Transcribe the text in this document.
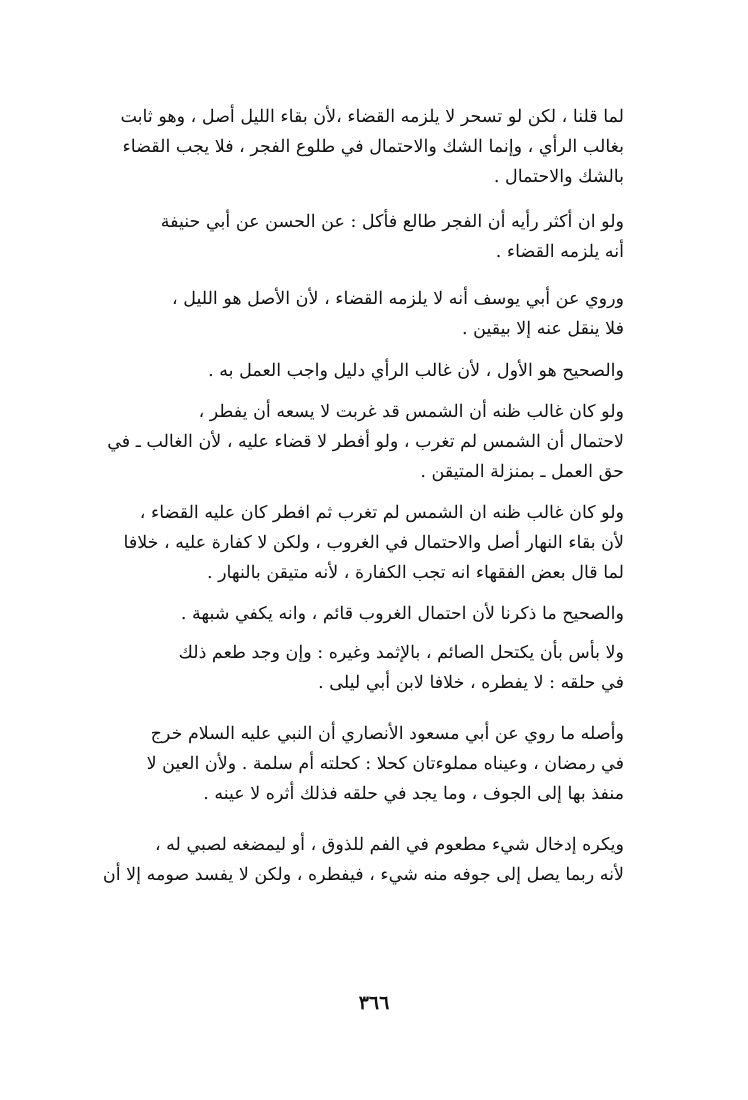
لما قلنا ، لكن لو تسحر لا يلزمه القضاء ،لأن بقاء الليل أصل ، وهو ثابت
بغالب الرأي ، وإنما الشك والاحتمال في طلوع الفجر ، فلا يجب القضاء
بالشك والاحتمال .

ولو ان أكثر رأيه أن الفجر طالع فأكل : عن الحسن عن أبي حنيفة
أنه يلزمه القضاء .

وروي عن أبي يوسف أنه لا يلزمه القضاء ، لأن الأصل هو الليل ،
فلا ينقل عنه إلا بيقين .

والصحيح هو الأول ، لأن غالب الرأي دليل واجب العمل به .

ولو كان غالب ظنه أن الشمس قد غربت لا يسعه أن يفطر ،
لاحتمال أن الشمس لم تغرب ، ولو أفطر لا قضاء عليه ، لأن الغالب ـ في
حق العمل ـ بمنزلة المتيقن .

ولو كان غالب ظنه ان الشمس لم تغرب ثم افطر كان عليه القضاء ،
لأن بقاء النهار أصل والاحتمال في الغروب ، ولكن لا كفارة عليه ، خلافا
لما قال بعض الفقهاء انه تجب الكفارة ، لأنه متيقن بالنهار .

والصحيح ما ذكرنا لأن احتمال الغروب قائم ، وانه يكفي شبهة .

ولا بأس بأن يكتحل الصائم ، بالإثمد وغيره : وإن وجد طعم ذلك
في حلقه : لا يفطره ، خلافا لابن أبي ليلى .

وأصله ما روي عن أبي مسعود الأنصاري أن النبي عليه السلام خرج
في رمضان ، وعيناه مملوءتان كحلا : كحلته أم سلمة . ولأن العين لا
منفذ بها إلى الجوف ، وما يجد في حلقه فذلك أثره لا عينه .

ويكره إدخال شيء مطعوم في الفم للذوق ، أو ليمضغه لصبي له ،
لأنه ربما يصل إلى جوفه منه شيء ، فيفطره ، ولكن لا يفسد صومه إلا أن

٣٦٦
